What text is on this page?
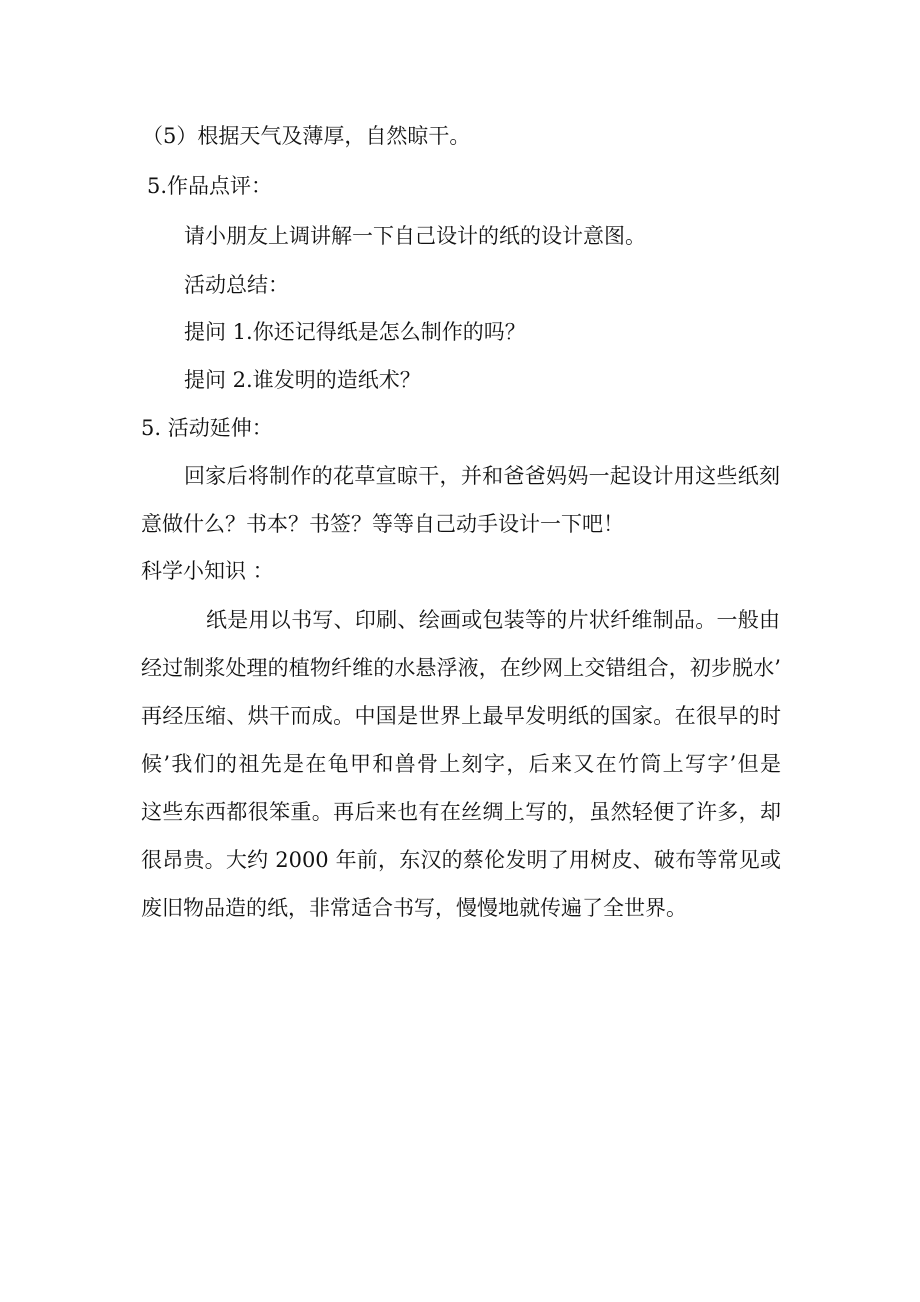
（5）根据天气及薄厚，自然晾干。

5.作品点评：

请小朋友上调讲解一下自己设计的纸的设计意图。

活动总结：

提问 1.你还记得纸是怎么制作的吗？

提问 2.谁发明的造纸术？

5. 活动延伸：

回家后将制作的花草宣晾干，并和爸爸妈妈一起设计用这些纸刻

意做什么？书本？书签？等等自己动手设计一下吧！

科学小知识 ：

纸是用以书写、印刷、绘画或包装等的片状纤维制品。一般由

经过制浆处理的植物纤维的水悬浮液，在纱网上交错组合，初步脱水’

再经压缩、烘干而成。中国是世界上最早发明纸的国家。在很早的时

候’我们的祖先是在龟甲和兽骨上刻字，后来又在竹筒上写字’但是

这些东西都很笨重。再后来也有在丝绸上写的，虽然轻便了许多，却

很昂贵。大约 2000 年前，东汉的蔡伦发明了用树皮、破布等常见或

废旧物品造的纸，非常适合书写，慢慢地就传遍了全世界。
